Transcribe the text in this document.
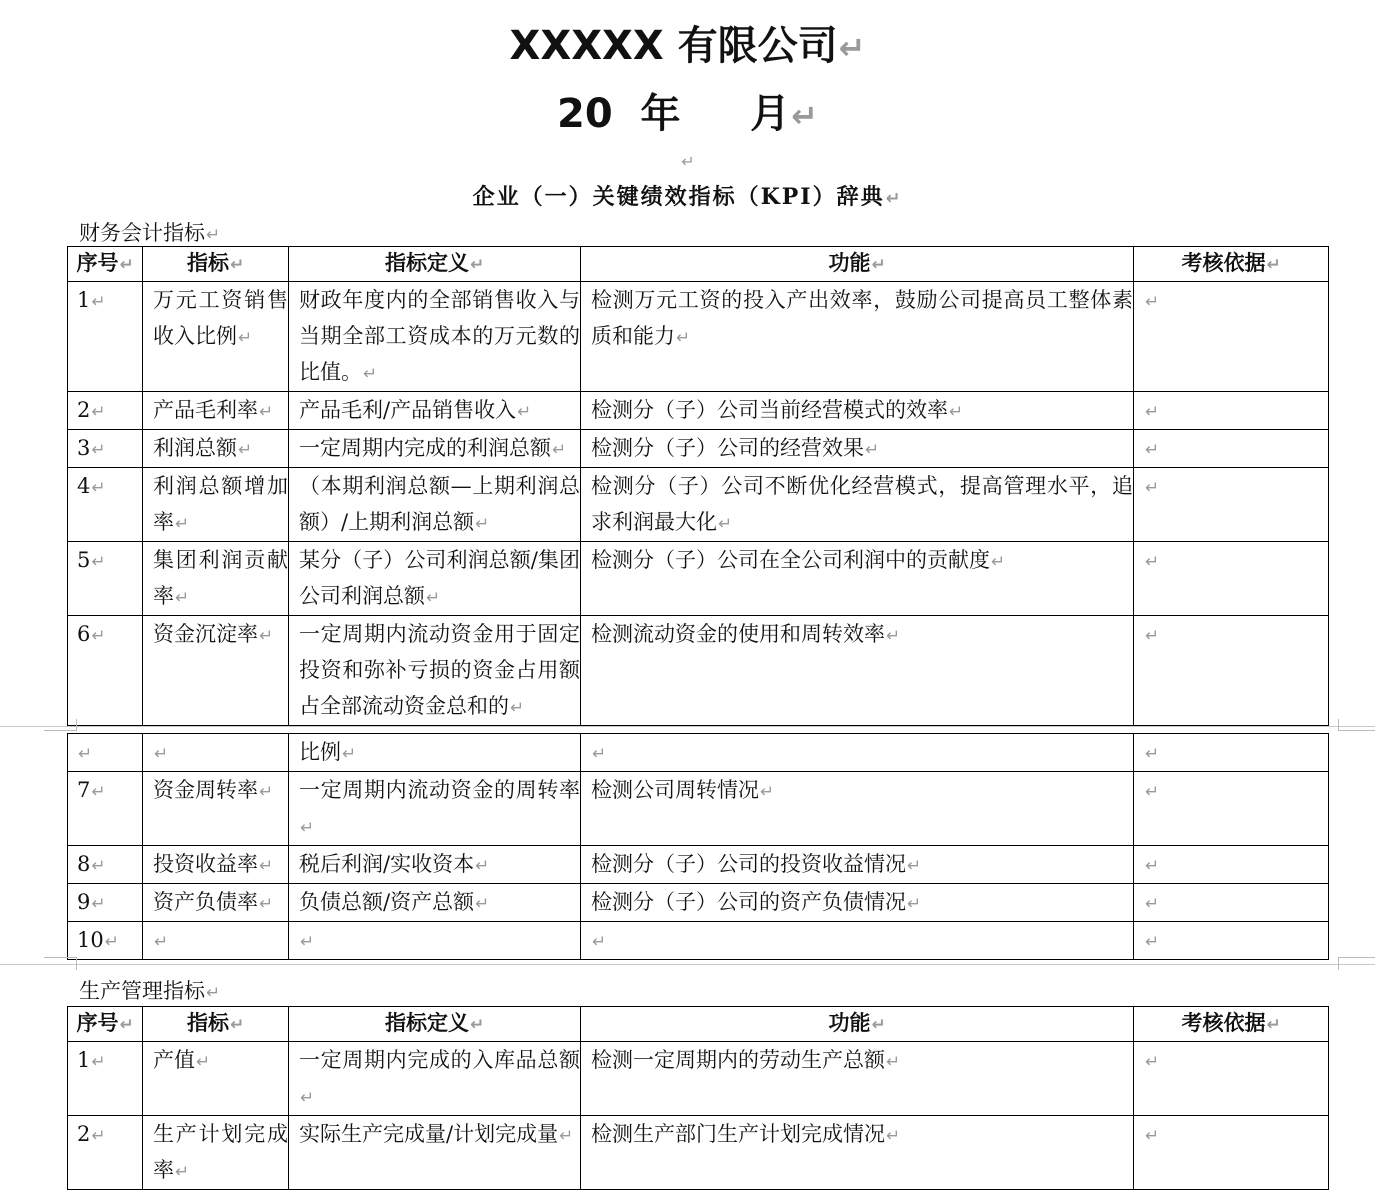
XXXXX 有限公司↵
20  年     月↵
↵
企业（一）关键绩效指标（KPI）辞典↵
财务会计指标↵
序号↵	指标↵	指标定义↵	功能↵	考核依据↵
1↵	万元工资销售收入比例↵	财政年度内的全部销售收入与当期全部工资成本的万元数的比值。↵	检测万元工资的投入产出效率，鼓励公司提高员工整体素质和能力↵	↵
2↵	产品毛利率↵	产品毛利/产品销售收入↵	检测分（子）公司当前经营模式的效率↵	↵
3↵	利润总额↵	一定周期内完成的利润总额↵	检测分（子）公司的经营效果↵	↵
4↵	利润总额增加率↵	（本期利润总额—上期利润总额）/上期利润总额↵	检测分（子）公司不断优化经营模式，提高管理水平，追求利润最大化↵	↵
5↵	集团利润贡献率↵	某分（子）公司利润总额/集团公司利润总额↵	检测分（子）公司在全公司利润中的贡献度↵	↵
6↵	资金沉淀率↵	一定周期内流动资金用于固定投资和弥补亏损的资金占用额占全部流动资金总和的↵	检测流动资金的使用和周转效率↵	↵
↵	↵	比例↵	↵	↵
7↵	资金周转率↵	一定周期内流动资金的周转率↵	检测公司周转情况↵	↵
8↵	投资收益率↵	税后利润/实收资本↵	检测分（子）公司的投资收益情况↵	↵
9↵	资产负债率↵	负债总额/资产总额↵	检测分（子）公司的资产负债情况↵	↵
10↵	↵	↵	↵	↵
生产管理指标↵
序号↵	指标↵	指标定义↵	功能↵	考核依据↵
1↵	产值↵	一定周期内完成的入库品总额↵	检测一定周期内的劳动生产总额↵	↵
2↵	生产计划完成率↵	实际生产完成量/计划完成量↵	检测生产部门生产计划完成情况↵	↵
